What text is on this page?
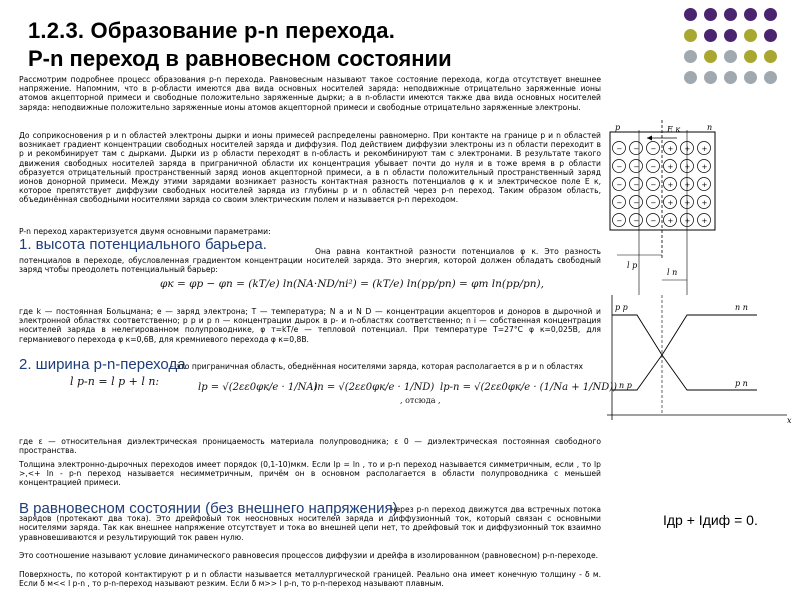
1.2.3. Образование p-n перехода.
P-n переход в равновесном состоянии
Рассмотрим подробнее процесс образования p-n перехода. Равновесным называют такое состояние перехода, когда отсутствует внешнее напряжение. Напомним, что в p-области имеются два вида основных носителей заряда: неподвижные отрицательно заряженные ионы атомов акцепторной примеси и свободные положительно заряженные дырки; а в n-области имеются также два вида основных носителей заряда: неподвижные положительно заряженные ионы атомов акцепторной примеси и свободные отрицательно заряженные электроны.
До соприкосновения p и n областей электроны дырки и ионы примесей распределены равномерно. При контакте на границе p и n областей возникает градиент концентрации свободных носителей заряда и диффузия. Под действием диффузии электроны из n области переходит в p и рекомбинирует там с дырками. Дырки из p области переходят в n-область и рекомбинируют там с электронами. В результате такого движения свободных носителей заряда в приграничной области их концентрация убывает почти до нуля и в тоже время в p области образуется отрицательный пространственный заряд ионов акцепторной примеси, а в n области положительный пространственный заряд ионов донорной примеси. Между этими зарядами возникает разность контактная разность потенциалов φ к и электрическое поле E к, которое препятствует диффузии свободных носителей заряда из глубины p и n областей через p-n переход. Таким образом область, объединённая свободными носителями заряда со своим электрическим полем и называется p-n переходом.
P-n переход характеризуется двумя основными параметрами:
1. высота потенциального барьера.	Она равна контактной разности потенциалов φ к. Это разность потенциалов в переходе, обусловленная градиентом концентрации носителей заряда. Это энергия, которой должен обладать свободный заряд чтобы преодолеть потенциальный барьер:
φк = φp − φn = (kT/e) ln(NA·ND/ni²) = (kT/e) ln(pp/pn) = φт ln(pp/pn),
где k — постоянная Больцмана; e — заряд электрона; T — температура; N a и N D — концентрации акцепторов и доноров в дырочной и электронной областях соответственно; p p и p n — концентрации дырок в p- и n-областях соответственно; n i — собственная концентрация носителей заряда в нелегированном полупроводнике, φ т=kT/e — тепловой потенциал. При температуре T=27°C φ к=0,025В, для германиевого перехода φ к=0,6В, для кремниевого перехода φ к=0,8В.
2. ширина p-n-перехода
– это приграничная область, обеднённая носителями заряда, которая располагается в p и n областях
l p-n = l p + l n:	lp = √(2εε0φк/e · 1/NA)
ln = √(2εε0φк/e · 1/ND)
, отсюда ,
lp-n = √(2εε0φк/e · (1/Na + 1/ND))
где ε — относительная диэлектрическая проницаемость материала полупроводника; ε 0 — диэлектрическая постоянная свободного пространства.
Толщина электронно-дырочных переходов имеет порядок (0,1-10)мкм. Если lp = ln , то и p-n переход называется симметричным, если , то lp >,<+ ln - p-n переход называется несимметричным, причём он в основном располагается в области полупроводника с меньшей концентрацией примеси.
В равновесном состоянии (без внешнего напряжения)
через p-n переход движутся два встречных потока зарядов (протекают два тока). Это дрейфовый ток неосновных носителей заряда и диффузионный ток, который связан с основными носителями заряда. Так как внешнее напряжение отсутствует и тока во внешней цепи нет, то дрейфовый ток и диффузионный ток взаимно уравновешиваются и результирующий ток равен нулю.
Это соотношение называют условие динамического равновесия процессов диффузии и дрейфа в изолированном (равновесном) p-n-переходе.
Поверхность, по которой контактируют p и n области называется металлургической границей. Реально она имеет конечную толщину - δ м. Если δ м<< l p-n , то p-n-переход называют резким. Если δ м>> l p-n, то p-n-переход называют плавным.
Iдр + Iдиф = 0.
− − − + + +
− − − + + +
− − − + + +
− − − + + +
− − − + + +
p	n
E к
l p
l n
p p
n p
n n
p n
x
